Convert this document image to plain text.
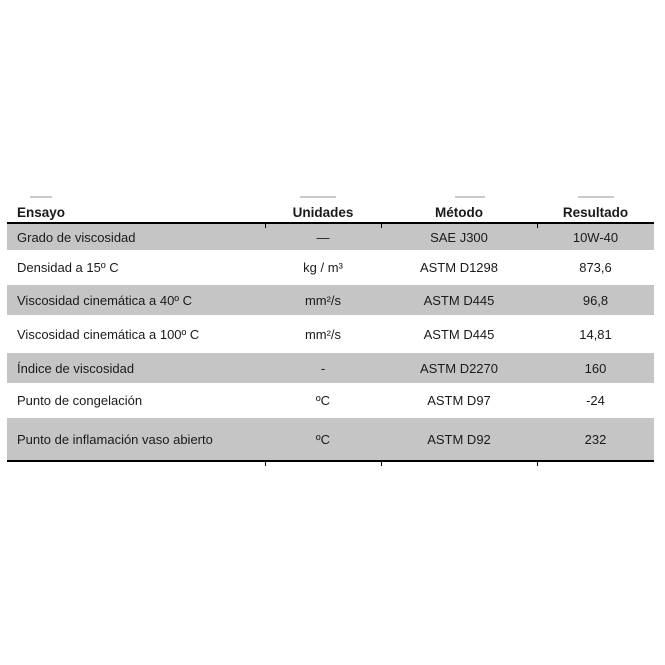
Ensayo	Unidades	Método	Resultado
Grado de viscosidad	—	SAE J300	10W-40
Densidad a 15º C	kg / m³	ASTM D1298	873,6
Viscosidad cinemática a 40º C	mm²/s	ASTM D445	96,8
Viscosidad cinemática a 100º C	mm²/s	ASTM D445	14,81
Índice de viscosidad	-	ASTM D2270	160
Punto de congelación	ºC	ASTM D97	-24
Punto de inflamación vaso abierto	ºC	ASTM D92	232
